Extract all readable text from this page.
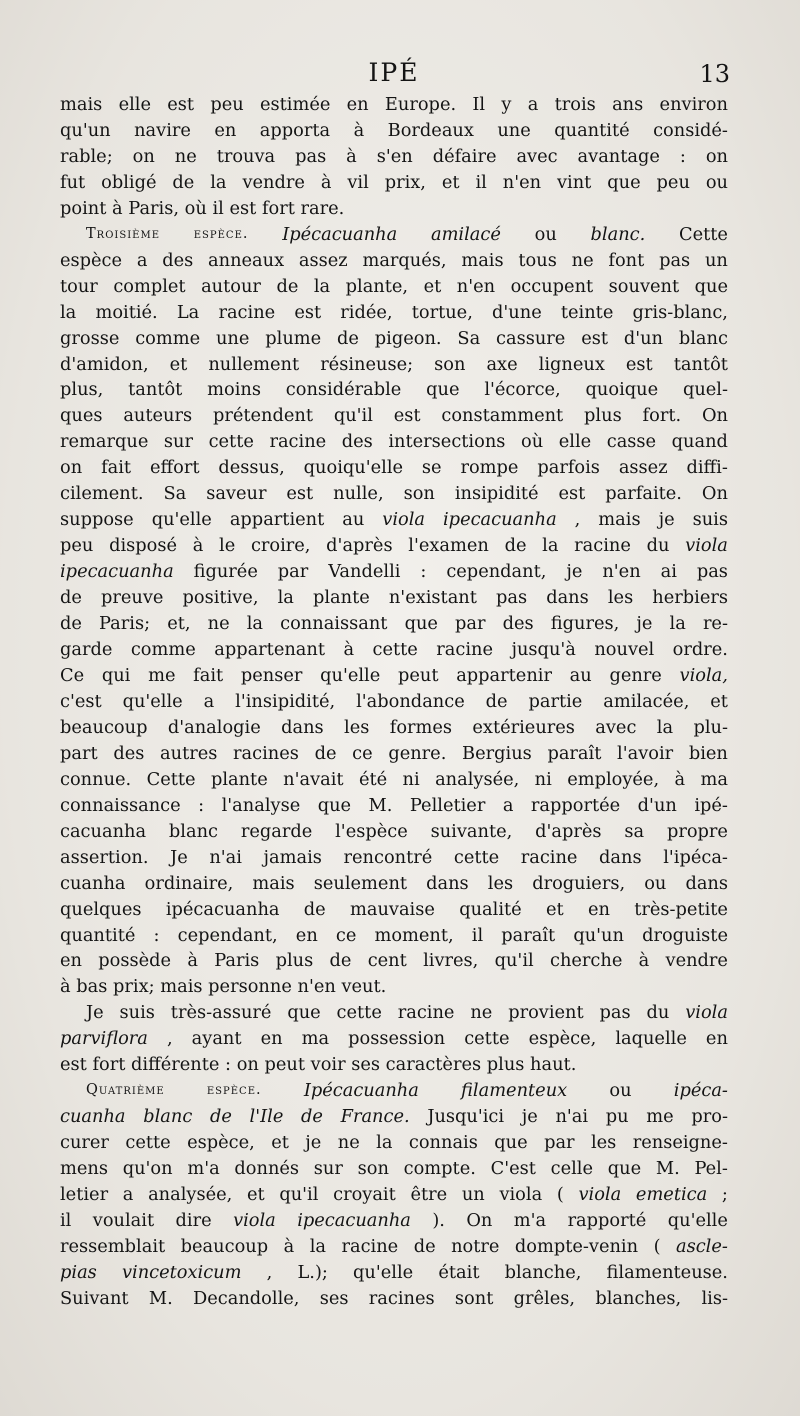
IPÉ	13
mais elle est peu estimée en Europe. Il y a trois ans environ
qu'un navire en apporta à Bordeaux une quantité considé-
rable; on ne trouva pas à s'en défaire avec avantage : on
fut obligé de la vendre à vil prix, et il n'en vint que peu ou
point à Paris, où il est fort rare.
Troisième espèce. Ipécacuanha amilacé ou blanc. Cette
espèce a des anneaux assez marqués, mais tous ne font pas un
tour complet autour de la plante, et n'en occupent souvent que
la moitié. La racine est ridée, tortue, d'une teinte gris-blanc,
grosse comme une plume de pigeon. Sa cassure est d'un blanc
d'amidon, et nullement résineuse; son axe ligneux est tantôt
plus, tantôt moins considérable que l'écorce, quoique quel-
ques auteurs prétendent qu'il est constamment plus fort. On
remarque sur cette racine des intersections où elle casse quand
on fait effort dessus, quoiqu'elle se rompe parfois assez diffi-
cilement. Sa saveur est nulle, son insipidité est parfaite. On
suppose qu'elle appartient au viola ipecacuanha , mais je suis
peu disposé à le croire, d'après l'examen de la racine du viola
ipecacuanha figurée par Vandelli : cependant, je n'en ai pas
de preuve positive, la plante n'existant pas dans les herbiers
de Paris; et, ne la connaissant que par des figures, je la re-
garde comme appartenant à cette racine jusqu'à nouvel ordre.
Ce qui me fait penser qu'elle peut appartenir au genre viola,
c'est qu'elle a l'insipidité, l'abondance de partie amilacée, et
beaucoup d'analogie dans les formes extérieures avec la plu-
part des autres racines de ce genre. Bergius paraît l'avoir bien
connue. Cette plante n'avait été ni analysée, ni employée, à ma
connaissance : l'analyse que M. Pelletier a rapportée d'un ipé-
cacuanha blanc regarde l'espèce suivante, d'après sa propre
assertion. Je n'ai jamais rencontré cette racine dans l'ipéca-
cuanha ordinaire, mais seulement dans les droguiers, ou dans
quelques ipécacuanha de mauvaise qualité et en très-petite
quantité : cependant, en ce moment, il paraît qu'un droguiste
en possède à Paris plus de cent livres, qu'il cherche à vendre
à bas prix; mais personne n'en veut.
Je suis très-assuré que cette racine ne provient pas du viola
parviflora , ayant en ma possession cette espèce, laquelle en
est fort différente : on peut voir ses caractères plus haut.
Quatrième	espèce. Ipécacuanha filamenteux ou ipéca-
cuanha blanc de l'Ile de France. Jusqu'ici je n'ai pu me pro-
curer cette espèce, et je ne la connais que par les renseigne-
mens qu'on m'a donnés sur son compte. C'est celle que M. Pel-
letier a analysée, et qu'il croyait être un viola ( viola emetica ;
il voulait dire viola ipecacuanha ). On m'a rapporté qu'elle
ressemblait beaucoup à la racine de notre dompte-venin ( ascle-
pias vincetoxicum , L.); qu'elle était blanche, filamenteuse.
Suivant M. Decandolle, ses racines sont grêles, blanches, lis-
